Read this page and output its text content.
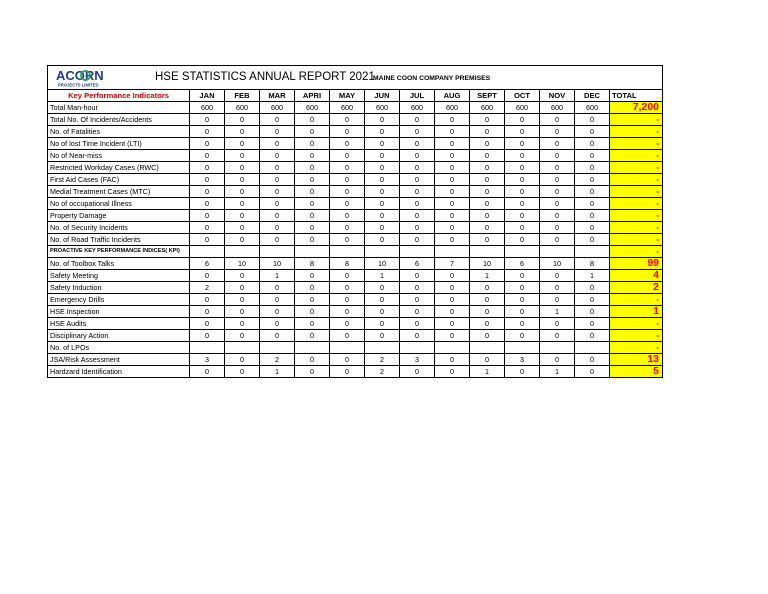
ACORN
PROJECTS LIMITED
HSE STATISTICS ANNUAL REPORT 2021
MAINE COON COMPANY PREMISES													

Key Performance Indicators	JAN	FEB	MAR	APRI	MAY	JUN	JUL	AUG	SEPT	OCT	NOV	DEC	TOTAL
Total Man-hour	600	600	600	600	600	600	600	600	600	600	600	600	7,200
Total No. Of Incidents/Accidents	0	0	0	0	0	0	0	0	0	0	0	0	-
No. of Fatalities	0	0	0	0	0	0	0	0	0	0	0	0	-
No of lost Time Incident (LTI)	0	0	0	0	0	0	0	0	0	0	0	0	-
No of Near-miss	0	0	0	0	0	0	0	0	0	0	0	0	-
Restricted Workday Cases (RWC)	0	0	0	0	0	0	0	0	0	0	0	0	-
First Aid Cases (FAC)	0	0	0	0	0	0	0	0	0	0	0	0	-
Medial Treatment Cases (MTC)	0	0	0	0	0	0	0	0	0	0	0	0	-
No of occupational Illness	0	0	0	0	0	0	0	0	0	0	0	0	-
Property Damage	0	0	0	0	0	0	0	0	0	0	0	0	-
No. of Security Incidents	0	0	0	0	0	0	0	0	0	0	0	0	-
No. of Road Traffic Incidents	0	0	0	0	0	0	0	0	0	0	0	0	-
PROACTIVE KEY PERFORMANCE INDICES( KPI)													-
No. of Toolbox Talks	6	10	10	8	8	10	6	7	10	6	10	8	99
Safety Meeting	0	0	1	0	0	1	0	0	1	0	0	1	4
Safety Induction	2	0	0	0	0	0	0	0	0	0	0	0	2
Emergency Drills	0	0	0	0	0	0	0	0	0	0	0	0	-
HSE Inspection	0	0	0	0	0	0	0	0	0	0	1	0	1
HSE Audits	0	0	0	0	0	0	0	0	0	0	0	0	-
Disciplinary Action	0	0	0	0	0	0	0	0	0	0	0	0	-
No. of LPOs													-
JSA/Risk Assessment	3	0	2	0	0	2	3	0	0	3	0	0	13
Hardzard Identification	0	0	1	0	0	2	0	0	1	0	1	0	5
